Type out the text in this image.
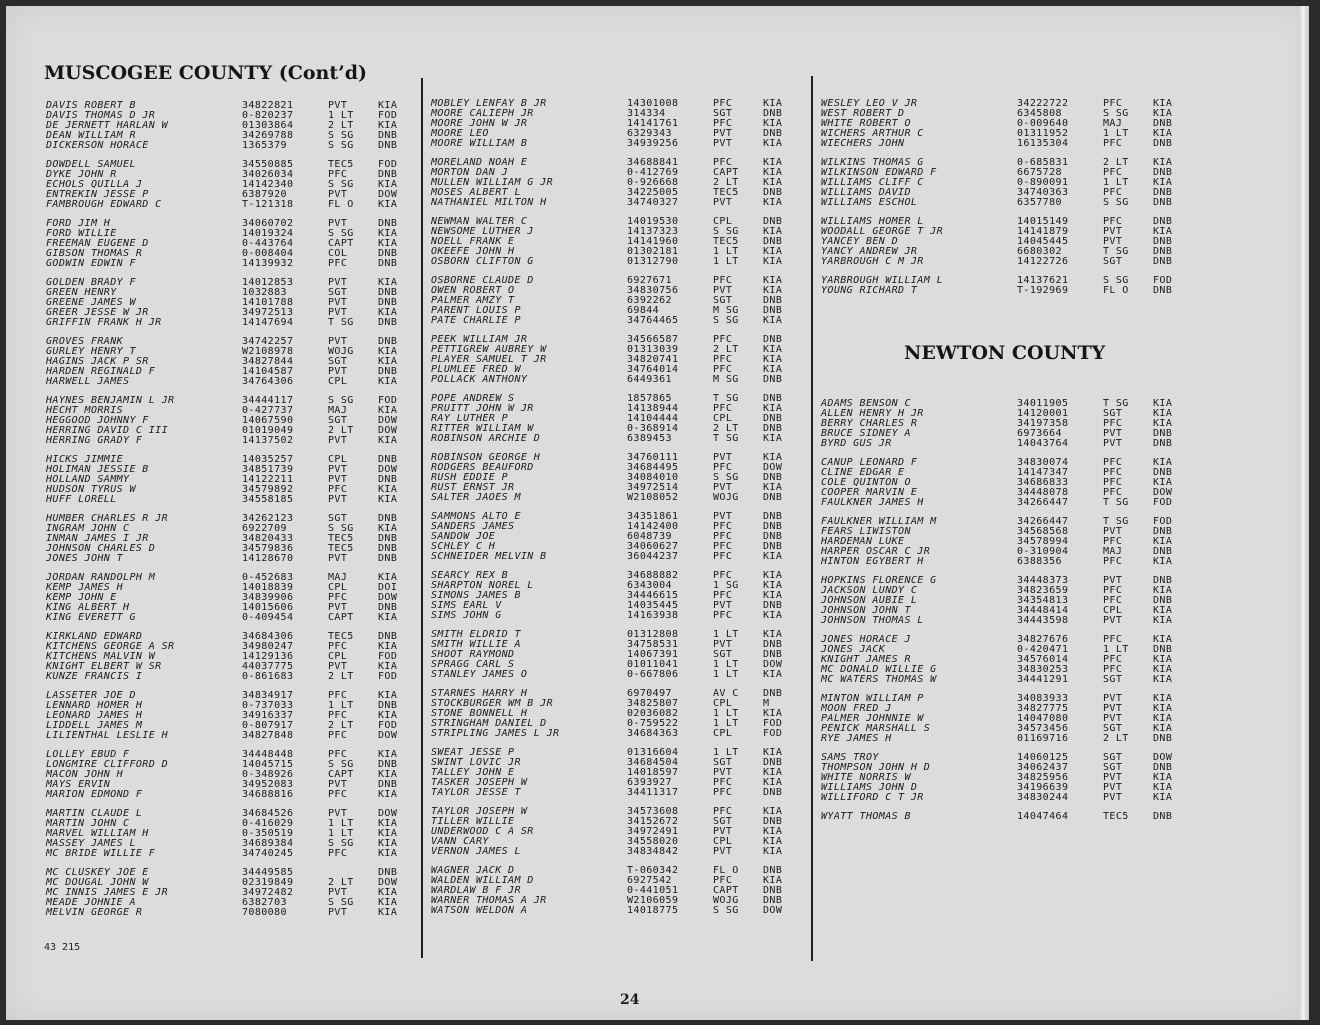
MUSCOGEE COUNTY (Cont’d)
DAVIS ROBERT B	34822821	PVT	KIA
DAVIS THOMAS D JR	0-820237	1 LT FOD
DE JERNETT HARLAN W	01303864	2 LT KIA
DEAN WILLIAM R	34269788	S SG DNB
DICKERSON HORACE	1365379	S SG DNB
DOWDELL SAMUEL	34550885	TEC5 FOD
DYKE JOHN R	34026034	PFC	DNB
ECHOLS QUILLA J	14142340	S SG KIA
ENTREKIN JESSE P	6387920	PVT	DOW
FAMBROUGH EDWARD C	T-121318	FL O KIA
FORD JIM H	34060702	PVT	DNB
FORD WILLIE	14019324	S SG KIA
FREEMAN EUGENE D	0-443764	CAPT KIA
GIBSON THOMAS R	0-008404	COL	DNB
GODWIN EDWIN F	14139932	PFC	DNB
GOLDEN BRADY F	14012853	PVT	KIA
GREEN HENRY	1032883	SGT	DNB
GREENE JAMES W	14101788	PVT	DNB
GREER JESSE W JR	34972513	PVT	KIA
GRIFFIN FRANK H JR	14147694	T SG DNB
GROVES FRANK	34742257	PVT	DNB
GURLEY HENRY T	W2108978	WOJG KIA
HAGINS JACK P SR	34827844	SGT	KIA
HARDEN REGINALD F	14104587	PVT	DNB
HARWELL JAMES	34764306	CPL	KIA
HAYNES BENJAMIN L JR	34444117	S SG FOD
HECHT MORRIS	0-427737	MAJ	KIA
HEGGOOD JOHNNY F	14067590	SGT	DOW
HERRING DAVID C III	01019049	2 LT DOW
HERRING GRADY F	14137502	PVT	KIA
HICKS JIMMIE	14035257	CPL	DNB
HOLIMAN JESSIE B	34851739	PVT	DOW
HOLLAND SAMMY	14122211	PVT	DNB
HUDSON TYRUS W	34579892	PFC	KIA
HUFF LORELL	34558185	PVT	KIA
HUMBER CHARLES R JR	34262123	SGT	DNB
INGRAM JOHN C	6922709	S SG KIA
INMAN JAMES I JR	34820433	TEC5 DNB
JOHNSON CHARLES D	34579836	TEC5 DNB
JONES JOHN T	14128670	PVT	DNB
JORDAN RANDOLPH M	0-452683	MAJ	KIA
KEMP JAMES H	14018839	CPL	DOI
KEMP JOHN E	34839906	PFC	DOW
KING ALBERT H	14015606	PVT	DNB
KING EVERETT G	0-409454	CAPT KIA
KIRKLAND EDWARD	34684306	TEC5 DNB
KITCHENS GEORGE A SR	34980247	PFC	KIA
KITCHENS MALVIN W	14129136	CPL	FOD
KNIGHT ELBERT W SR	44037775	PVT	KIA
KUNZE FRANCIS I	0-861683	2 LT FOD
LASSETER JOE D	34834917	PFC	KIA
LENNARD HOMER H	0-737033	1 LT DNB
LEONARD JAMES H	34916337	PFC	KIA
LIDDELL JAMES M	0-807917	2 LT FOD
LILIENTHAL LESLIE H	34827848	PFC	DOW
LOLLEY EBUD F	34448448	PFC	KIA
LONGMIRE CLIFFORD D	14045715	S SG DNB
MACON JOHN H	0-348926	CAPT KIA
MAYS ERVIN	34952083	PVT	DNB
MARION EDMOND F	34688816	PFC	KIA
MARTIN CLAUDE L	34684526	PVT	DOW
MARTIN JOHN C	0-416029	1 LT KIA
MARVEL WILLIAM H	0-350519	1 LT KIA
MASSEY JAMES L	34689384	S SG KIA
MC BRIDE WILLIE F	34740245	PFC	KIA
MC CLUSKEY JOE E	34449585	DNB
MC DOUGAL JOHN W	02319849	2 LT DOW
MC INNIS JAMES E JR	34972482	PVT	KIA
MEADE JOHNIE A	6382703	S SG KIA
MELVIN GEORGE R	7080080	PVT	KIA
MOBLEY LENFAY B JR	14301008	PFC	KIA
MOORE CALIEPH JR	314334	SGT	DNB
MOORE JOHN W JR	14141761	PFC	KIA
MOORE LEO	6329343	PVT	DNB
MOORE WILLIAM B	34939256	PVT	KIA
MORELAND NOAH E	34688841	PFC	KIA
MORTON DAN J	0-412769	CAPT KIA
MULLEN WILLIAM G JR	0-926668	2 LT KIA
MOSES ALBERT L	34225005	TEC5 DNB
NATHANIEL MILTON H	34740327	PVT	KIA
NEWMAN WALTER C	14019530	CPL	DNB
NEWSOME LUTHER J	14137323	S SG KIA
NOELL FRANK E	14141960	TEC5 DNB
OKEEFE JOHN H	01302181	1 LT KIA
OSBORN CLIFTON G	01312790	1 LT KIA
OSBORNE CLAUDE D	6927671	PFC	KIA
OWEN ROBERT O	34830756	PVT	KIA
PALMER AMZY T	6392262	SGT	DNB
PARENT LOUIS P	69844	M SG DNB
PATE CHARLIE P	34764465	S SG KIA
PEEK WILLIAM JR	34566587	PFC	DNB
PETTIGREW AUBREY W	01313039	2 LT KIA
PLAYER SAMUEL T JR	34820741	PFC	KIA
PLUMLEE FRED W	34764014	PFC	KIA
POLLACK ANTHONY	6449361	M SG DNB
POPE ANDREW S	1857865	T SG DNB
PRUITT JOHN W JR	14138944	PFC	KIA
RAY LUTHER P	14104444	CPL	DNB
RITTER WILLIAM W	0-368914	2 LT DNB
ROBINSON ARCHIE D	6389453	T SG KIA
ROBINSON GEORGE H	34760111	PVT	KIA
RODGERS BEAUFORD	34684495	PFC	DOW
RUSH EDDIE P	34084010	S SG DNB
RUST ERNST JR	34972514	PVT	KIA
SALTER JAOES M	W2108052	WOJG DNB
SAMMONS ALTO E	34351861	PVT	DNB
SANDERS JAMES	14142400	PFC	DNB
SANDOW JOE	6048739	PFC	DNB
SCHLEY C H	34060627	PFC	DNB
SCHNEIDER MELVIN B	36044237	PFC	KIA
SEARCY REX B	34688882	PFC	KIA
SHARPTON NOREL L	6343004	1 SG KIA
SIMONS JAMES B	34446615	PFC	KIA
SIMS EARL V	14035445	PVT	DNB
SIMS JOHN G	14163938	PFC	KIA
SMITH ELDRID T	01312808	1 LT KIA
SMITH WILLIE A	34758531	PVT	DNB
SHOOT RAYMOND	14067391	SGT	DNB
SPRAGG CARL S	01011041	1 LT DOW
STANLEY JAMES O	0-667806	1 LT KIA
STARNES HARRY H	6970497	AV C DNB
STOCKBURGER WM B JR	34825807	CPL	M
STONE BONNELL H	02036082	1 LT KIA
STRINGHAM DANIEL D	0-759522	1 LT FOD
STRIPLING JAMES L JR	34684363	CPL	FOD
SWEAT JESSE P	01316604	1 LT KIA
SWINT LOVIC JR	34684504	SGT	DNB
TALLEY JOHN E	14018597	PVT	KIA
TASKER JOSEPH W	6393927	PFC	KIA
TAYLOR JESSE T	34411317	PFC	DNB
TAYLOR JOSEPH W	34573608	PFC	KIA
TILLER WILLIE	34152672	SGT	DNB
UNDERWOOD C A SR	34972491	PVT	KIA
VANN CARY	34558020	CPL	KIA
VERNON JAMES L	34834842	PVT	KIA
WAGNER JACK D	T-060342	FL O DNB
WALDEN WILLIAM D	6927542	PFC	KIA
WARDLAW B F JR	0-441051	CAPT DNB
WARNER THOMAS A JR	W2106059	WOJG DNB
WATSON WELDON A	14018775	S SG DOW
WESLEY LEO V JR	34222722	PFC	KIA
WEST ROBERT D	6345808	S SG KIA
WHITE ROBERT O	0-009640	MAJ	DNB
WICHERS ARTHUR C	01311952	1 LT KIA
WIECHERS JOHN	16135304	PFC	DNB
WILKINS THOMAS G	0-685831	2 LT KIA
WILKINSON EDWARD F	6675728	PFC	DNB
WILLIAMS CLIFF C	0-890091	1 LT KIA
WILLIAMS DAVID	34740363	PFC	DNB
WILLIAMS ESCHOL	6357780	S SG DNB
WILLIAMS HOMER L	14015149	PFC	DNB
WOODALL GEORGE T JR	14141879	PVT	KIA
YANCEY BEN D	14045445	PVT	DNB
YANCY ANDREW JR	6680302	T SG DNB
YARBROUGH C M JR	14122726	SGT	DNB
YARBROUGH WILLIAM L	14137621	S SG FOD
YOUNG RICHARD T	T-192969	FL O DNB
NEWTON COUNTY
ADAMS BENSON C	34011905	T SG KIA
ALLEN HENRY H JR	14120001	SGT	KIA
BERRY CHARLES R	34197358	PFC	KIA
BRUCE SIDNEY A	6973664	PVT	DNB
BYRD GUS JR	14043764	PVT	DNB
CANUP LEONARD F	34830074	PFC	KIA
CLINE EDGAR E	14147347	PFC	DNB
COLE QUINTON O	34686833	PFC	KIA
COOPER MARVIN E	34448078	PFC	DOW
FAULKNER JAMES H	34266447	T SG FOD
FAULKNER WILLIAM M	34266447	T SG FOD
FEARS LIWISTON	34568568	PVT	DNB
HARDEMAN LUKE	34578994	PFC	KIA
HARPER OSCAR C JR	0-310904	MAJ	DNB
HINTON EGYBERT H	6388356	PFC	KIA
HOPKINS FLORENCE G	34448373	PVT	DNB
JACKSON LUNDY C	34823659	PFC	KIA
JOHNSON AUBIE L	34354813	PFC	DNB
JOHNSON JOHN T	34448414	CPL	KIA
JOHNSON THOMAS L	34443598	PVT	KIA
JONES HORACE J	34827676	PFC	KIA
JONES JACK	0-420471	1 LT DNB
KNIGHT JAMES R	34576014	PFC	KIA
MC DONALD WILLIE G	34830253	PFC	KIA
MC WATERS THOMAS W	34441291	SGT	KIA
MINTON WILLIAM P	34083933	PVT	KIA
MOON FRED J	34827775	PVT	KIA
PALMER JOHNNIE W	14047080	PVT	KIA
PENICK MARSHALL S	34573456	SGT	KIA
RYE JAMES H	01169716	2 LT DNB
SAMS TROY	14060125	SGT	DOW
THOMPSON JOHN H D	34062437	SGT	DNB
WHITE NORRIS W	34825956	PVT	KIA
WILLIAMS JOHN D	34196639	PVT	KIA
WILLIFORD C T JR	34830244	PVT	KIA
WYATT THOMAS B	14047464	TEC5 DNB
43 215
24
